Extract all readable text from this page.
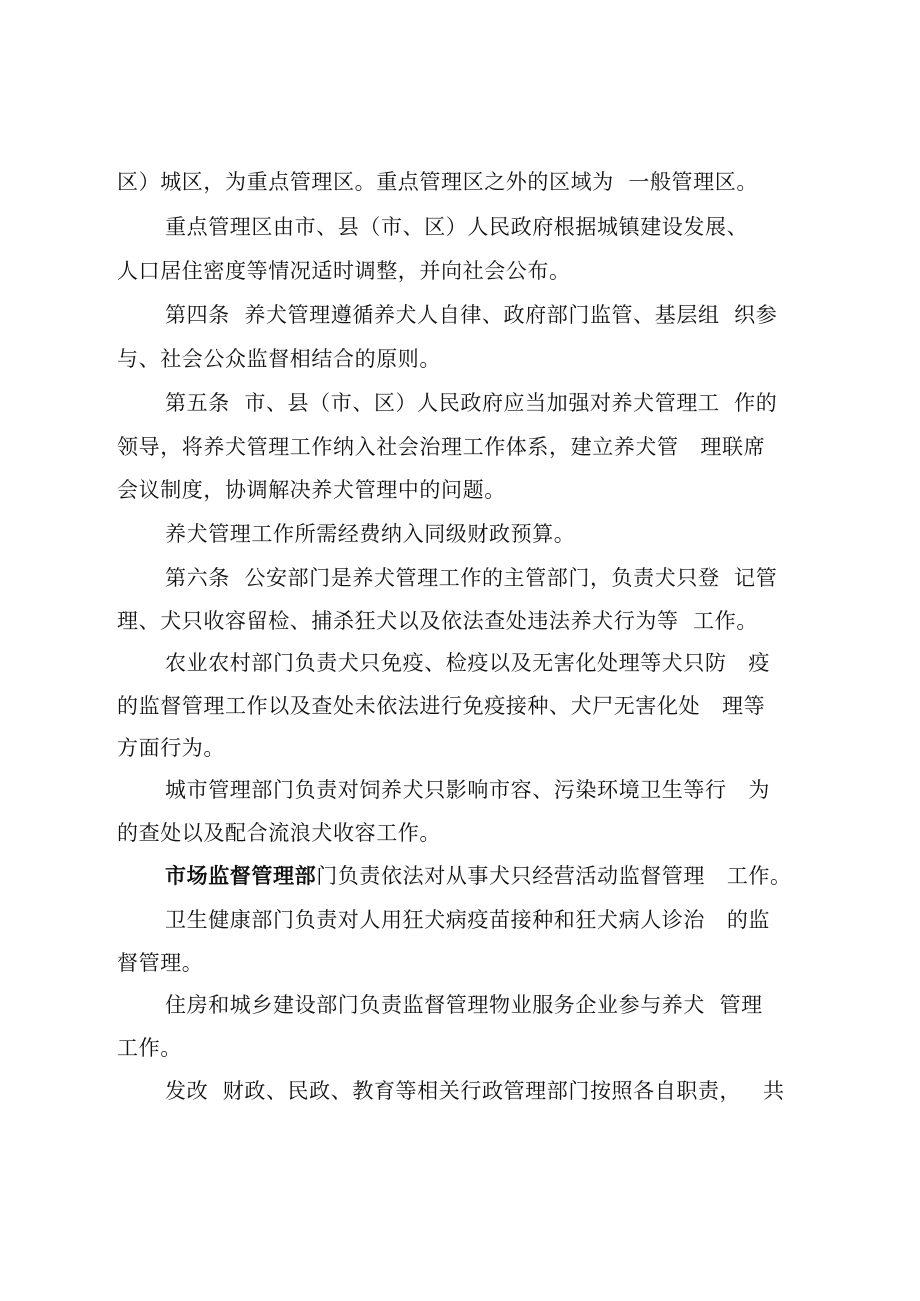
区）城区，为重点管理区。重点管理区之外的区域为  一般管理区。
重点管理区由市、县（市、区）人民政府根据城镇建设发展、
人口居住密度等情况适时调整，并向社会公布。
第四条  养犬管理遵循养犬人自律、政府部门监管、基层组  织参
与、社会公众监督相结合的原则。
第五条  市、县（市、区）人民政府应当加强对养犬管理工  作的
领导，将养犬管理工作纳入社会治理工作体系，建立养犬管   理联席
会议制度，协调解决养犬管理中的问题。
养犬管理工作所需经费纳入同级财政预算。
第六条  公安部门是养犬管理工作的主管部门，负责犬只登  记管
理、犬只收容留检、捕杀狂犬以及依法查处违法养犬行为等  工作。
农业农村部门负责犬只免疫、检疫以及无害化处理等犬只防   疫
的监督管理工作以及查处未依法进行免疫接种、犬尸无害化处   理等
方面行为。
城市管理部门负责对饲养犬只影响市容、污染环境卫生等行   为
的查处以及配合流浪犬收容工作。
市场监督管理部门负责依法对从事犬只经营活动监督管理   工作。
卫生健康部门负责对人用狂犬病疫苗接种和狂犬病人诊治   的监
督管理。
住房和城乡建设部门负责监督管理物业服务企业参与养犬  管理
工作。
发改  财政、民政、教育等相关行政管理部门按照各自职责，   共
